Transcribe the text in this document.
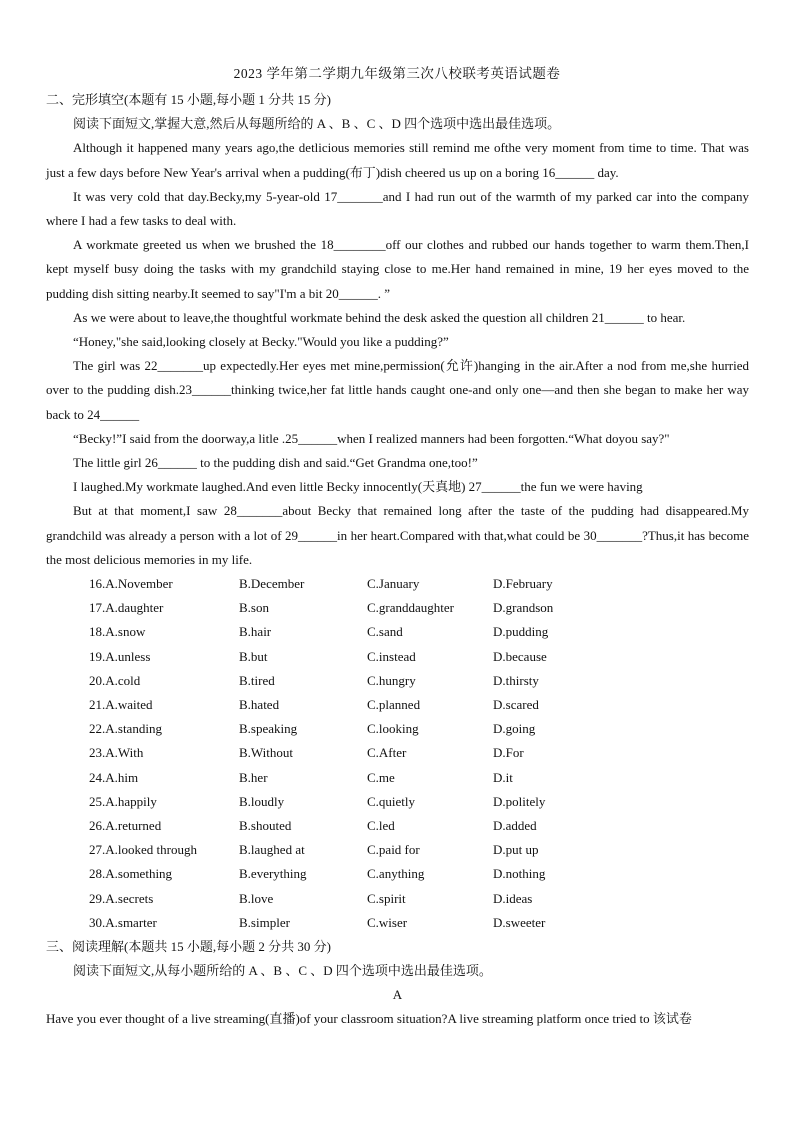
2023 学年第二学期九年级第三次八校联考英语试题卷

二、完形填空(本题有 15 小题,每小题 1 分共 15 分)

阅读下面短文,掌握大意,然后从每题所给的 A 、B 、C 、D 四个选项中选出最佳选项。

Although it happened many years ago,the detlicious memories still remind me ofthe very moment from time to time. That was just a few days before New Year's arrival when a pudding(布丁)dish cheered us up on a boring 16______ day.

It was very cold that day.Becky,my 5-year-old 17_______and I had run out of the warmth of my parked car into the company where I had a few tasks to deal with.

A workmate greeted us when we brushed the 18________off our clothes and rubbed our hands together to warm them.Then,I kept myself busy doing the tasks with my grandchild staying close to me.Her hand remained in mine, 19 her eyes moved to the pudding dish sitting nearby.It seemed to say"I'm a bit 20______. ”

As we were about to leave,the thoughtful workmate behind the desk asked the question all children 21______ to hear.

“Honey,"she said,looking closely at Becky."Would you like a pudding?”

The girl was 22_______up expectedly.Her eyes met mine,permission(允许)hanging in the air.After a nod from me,she hurried over to the pudding dish.23______thinking twice,her fat little hands caught one-and only one—and then she began to make her way back to 24______

“Becky!”I said from the doorway,a litle .25______when I realized manners had been forgotten.“What doyou say?"

The little girl 26______ to the pudding dish and said.“Get Grandma one,too!”

I laughed.My workmate laughed.And even little Becky innocently(天真地) 27______the fun we were having

But at that moment,I saw 28_______about Becky that remained long after the taste of the pudding had disappeared.My grandchild was already a person with a lot of 29______in her heart.Compared with that,what could be 30_______?Thus,it has become the most delicious memories in my life.

16.A.November	B.December	C.January	D.February
17.A.daughter	B.son	C.granddaughter	D.grandson
18.A.snow	B.hair	C.sand	D.pudding
19.A.unless	B.but	C.instead	D.because
20.A.cold	B.tired	C.hungry	D.thirsty
21.A.waited	B.hated	C.planned	D.scared
22.A.standing	B.speaking	C.looking	D.going
23.A.With	B.Without	C.After	D.For
24.A.him	B.her	C.me	D.it
25.A.happily	B.loudly	C.quietly	D.politely
26.A.returned	B.shouted	C.led	D.added
27.A.looked through	B.laughed at	C.paid for	D.put up
28.A.something	B.everything	C.anything	D.nothing
29.A.secrets	B.love	C.spirit	D.ideas
30.A.smarter	B.simpler	C.wiser	D.sweeter

三、阅读理解(本题共 15 小题,每小题 2 分共 30 分)

阅读下面短文,从每小题所给的 A 、B 、C 、D 四个选项中选出最佳选项。

A

Have you ever thought of a live streaming(直播)of your classroom situation?A live streaming platform once tried to 该试卷
